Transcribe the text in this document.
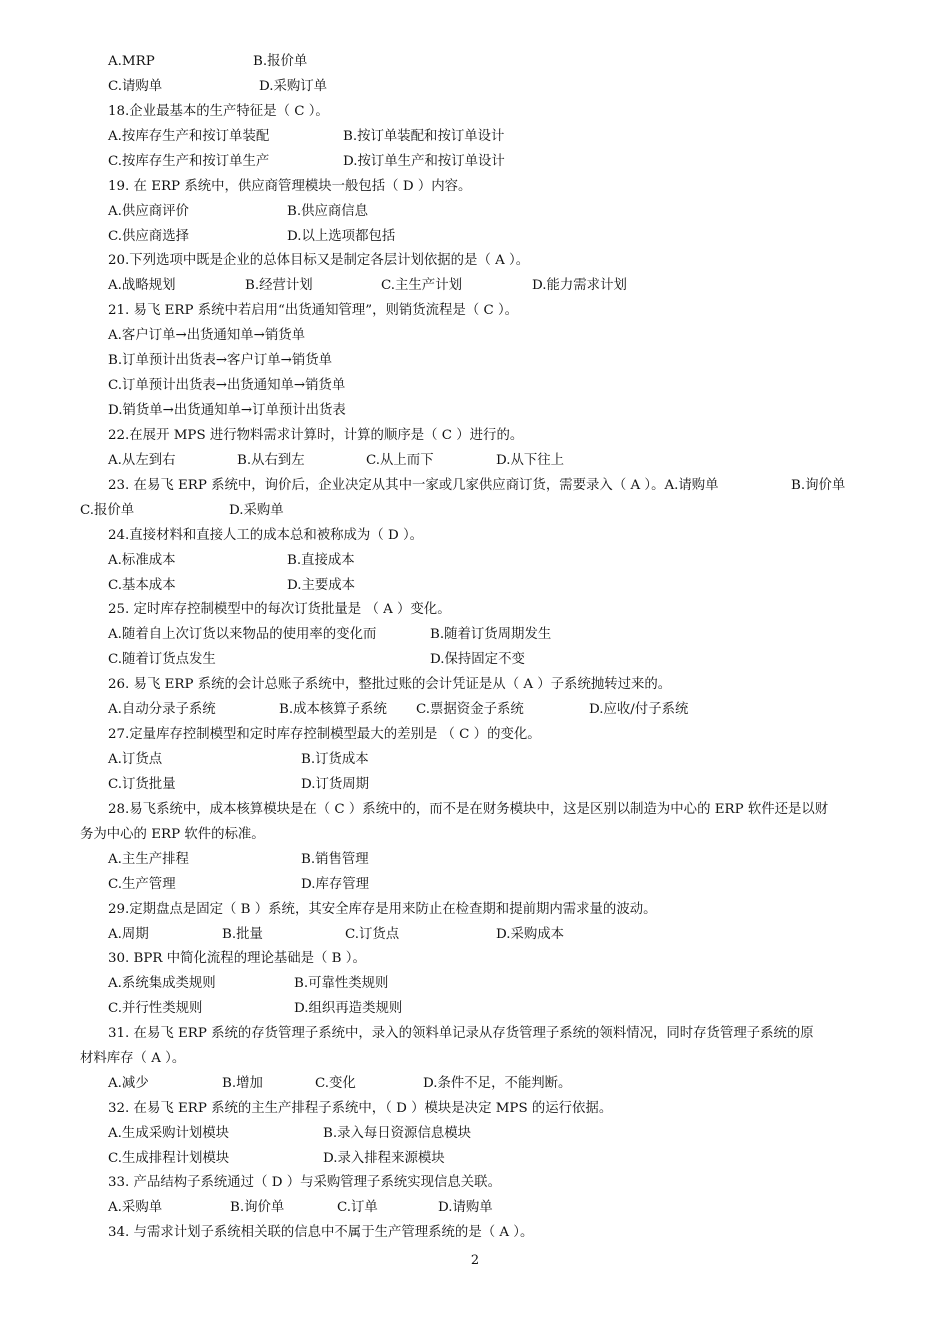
A.MRP	B.报价单
C.请购单	D.采购订单
18.企业最基本的生产特征是（ C ）。
A.按库存生产和按订单装配	B.按订单装配和按订单设计
C.按库存生产和按订单生产	D.按订单生产和按订单设计
19. 在 ERP 系统中，供应商管理模块一般包括（ D ）内容。
A.供应商评价	B.供应商信息
C.供应商选择	D.以上选项都包括
20.下列选项中既是企业的总体目标又是制定各层计划依据的是（ A ）。
A.战略规划	B.经营计划	C.主生产计划	D.能力需求计划
21. 易飞 ERP 系统中若启用“出货通知管理”，则销货流程是（ C ）。
A.客户订单→出货通知单→销货单
B.订单预计出货表→客户订单→销货单
C.订单预计出货表→出货通知单→销货单
D.销货单→出货通知单→订单预计出货表
22.在展开 MPS 进行物料需求计算时，计算的顺序是（ C ）进行的。
A.从左到右	B.从右到左	C.从上而下	D.从下往上
23. 在易飞 ERP 系统中，询价后，企业决定从其中一家或几家供应商订货，需要录入（ A ）。A.请购单	B.询价单
C.报价单	D.采购单
24.直接材料和直接人工的成本总和被称成为（ D ）。
A.标准成本	B.直接成本
C.基本成本	D.主要成本
25. 定时库存控制模型中的每次订货批量是 （ A ）变化。
A.随着自上次订货以来物品的使用率的变化而	B.随着订货周期发生
C.随着订货点发生	D.保持固定不变
26. 易飞 ERP 系统的会计总账子系统中，整批过账的会计凭证是从（ A ）子系统抛转过来的。
A.自动分录子系统	B.成本核算子系统 C.票据资金子系统	D.应收/付子系统
27.定量库存控制模型和定时库存控制模型最大的差别是 （ C ）的变化。
A.订货点	B.订货成本
C.订货批量	D.订货周期
28.易飞系统中，成本核算模块是在（ C ）系统中的，而不是在财务模块中，这是区别以制造为中心的 ERP 软件还是以财
务为中心的 ERP 软件的标准。
A.主生产排程	B.销售管理
C.生产管理	D.库存管理
29.定期盘点是固定（ B ）系统，其安全库存是用来防止在检查期和提前期内需求量的波动。
A.周期	B.批量	C.订货点	D.采购成本
30. BPR 中简化流程的理论基础是（ B ）。
A.系统集成类规则	B.可靠性类规则
C.并行性类规则	D.组织再造类规则
31. 在易飞 ERP 系统的存货管理子系统中，录入的领料单记录从存货管理子系统的领料情况，同时存货管理子系统的原
材料库存（ A ）。
A.减少	B.增加	C.变化	D.条件不足，不能判断。
32. 在易飞 ERP 系统的主生产排程子系统中，（ D ）模块是决定 MPS 的运行依据。
A.生成采购计划模块	B.录入每日资源信息模块
C.生成排程计划模块	D.录入排程来源模块
33. 产品结构子系统通过（ D ）与采购管理子系统实现信息关联。
A.采购单	B.询价单	C.订单	D.请购单
34. 与需求计划子系统相关联的信息中不属于生产管理系统的是（ A ）。
2
